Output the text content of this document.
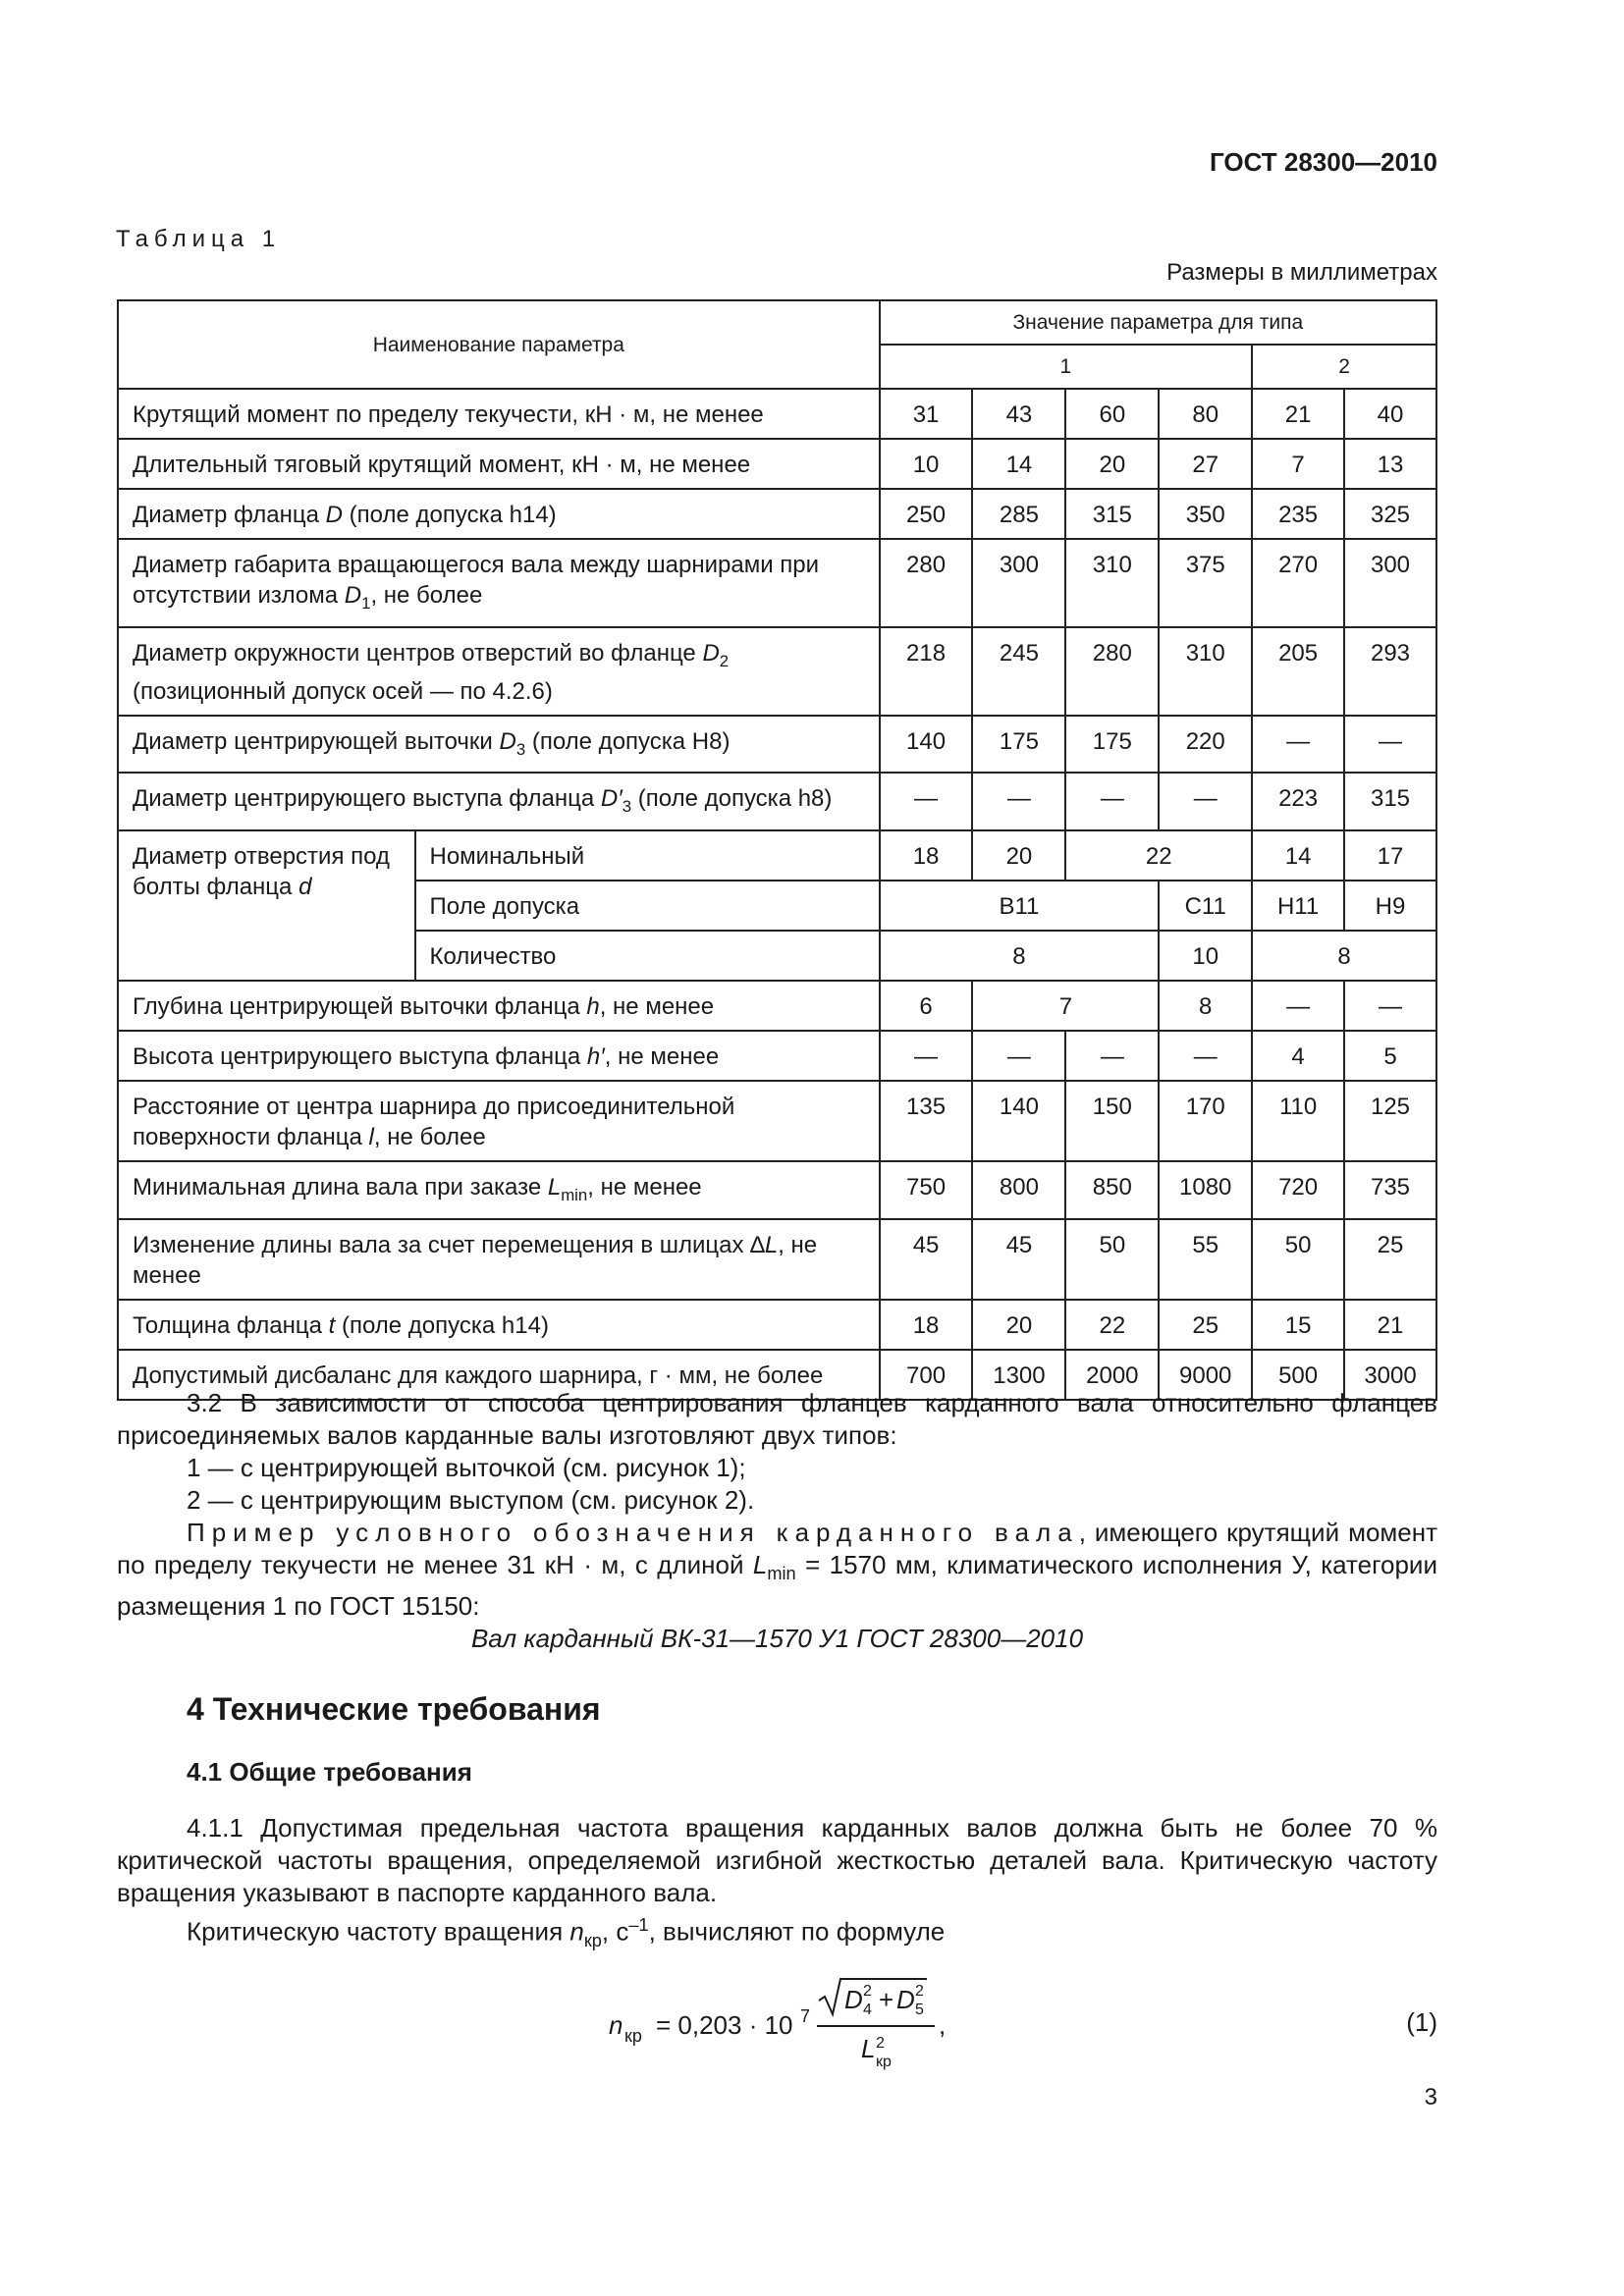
ГОСТ 28300—2010
Таблица 1
Размеры в миллиметрах
Наименование параметра		Значение параметра для типа					
		1				2	
Крутящий момент по пределу текучести, кН · м, не менее		31	43	60	80	21	40
Длительный тяговый крутящий момент, кН · м, не менее		10	14	20	27	7	13
Диаметр фланца D (поле допуска h14)		250	285	315	350	235	325
Диаметр габарита вращающегося вала между шарнирами при отсутствии излома $D_1$, не более		280	300	310	375	270	300
Диаметр окружности центров отверстий во фланце $D_2$ (позиционный допуск осей — по 4.2.6)		218	245	280	310	205	293
Диаметр центрирующей выточки $D_3$ (поле допуска H8)		140	175	175	220	—	—
Диаметр центрирующего выступа фланца $D'_3$ (поле допуска h8)		—	—	—	—	223	315
Диаметр отверстия под болты фланца d	Номинальный	18	20	22		14	17
	Поле допуска	B11			C11	H11	H9
	Количество	8			10	8	
Глубина центрирующей выточки фланца h, не менее		6	7		8	—	—
Высота центрирующего выступа фланца h′, не менее		—	—	—	—	4	5
Расстояние от центра шарнира до присоединительной поверхности фланца l, не более		135	140	150	170	110	125
Минимальная длина вала при заказе $L_{min}$, не менее		750	800	850	1080	720	735
Изменение длины вала за счет перемещения в шлицах ∆L, не менее		45	45	50	55	50	25
Толщина фланца t (поле допуска h14)		18	20	22	25	15	21
Допустимый дисбаланс для каждого шарнира, г · мм, не более		700	1300	2000	9000	500	3000

3.2 В зависимости от способа центрирования фланцев карданного вала относительно фланцев присоединяемых валов карданные валы изготовляют двух типов:

1 — с центрирующей выточкой (см. рисунок 1);

2 — с центрирующим выступом (см. рисунок 2).

Пример условного обозначения карданного вала, имеющего крутящий момент по пределу текучести не менее 31 кН · м, с длиной $L_{min} = 1570$ мм, климатического исполнения У, категории размещения 1 по ГОСТ 15150:

Вал карданный ВК-31—1570 У1 ГОСТ 28300—2010

4 Технические требования
4.1 Общие требования

4.1.1 Допустимая предельная частота вращения карданных валов должна быть не более 70 % критической частоты вращения, определяемой изгибной жесткостью деталей вала. Критическую частоту вращения указывают в паспорте карданного вала.

Критическую частоту вращения $n_{кр}$, $с^{-1}$, вычисляют по формуле

n кр = 0,203 · 10 7
D 2
4 + D 2
5
L 2
кр
,	(1)
3
